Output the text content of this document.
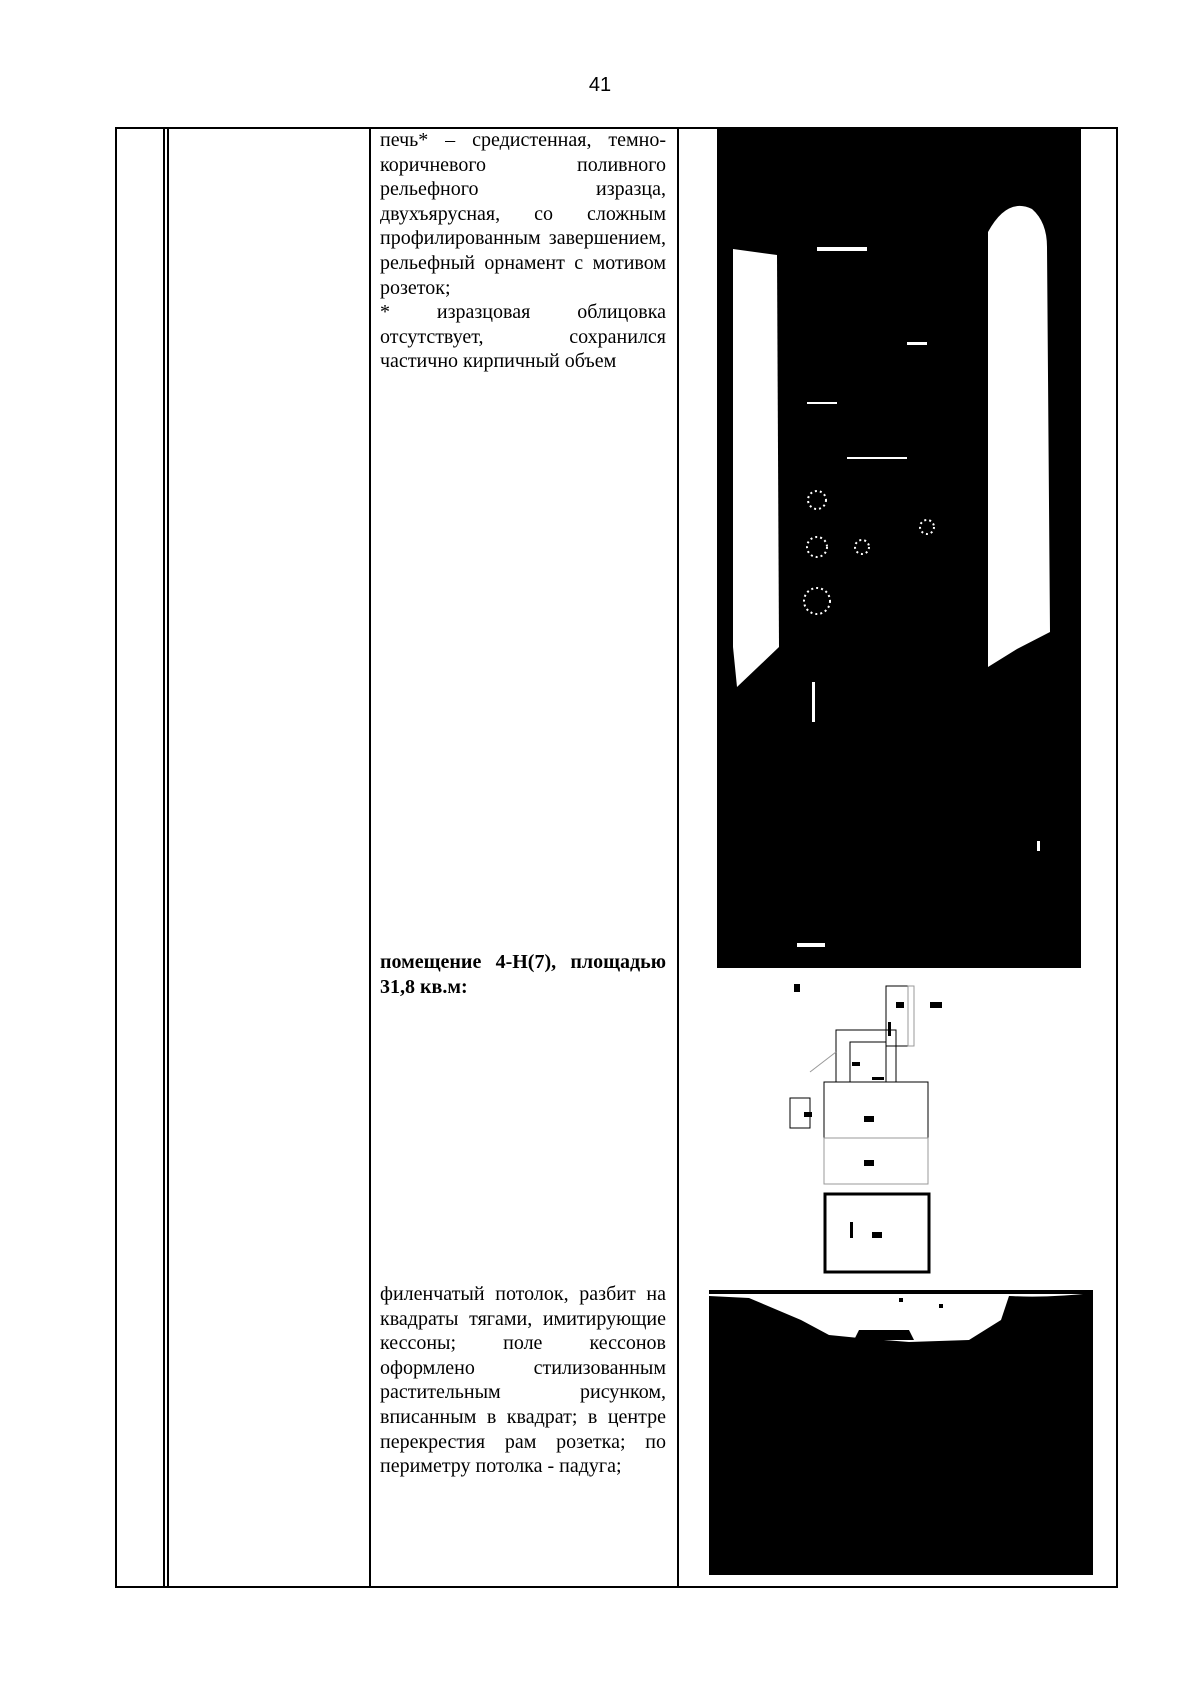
41

печь* – средистенная, темно-коричневого поливного рельефного изразца, двухъярусная, со сложным профилированным завершением, рельефный орнамент с мотивом розеток;

* изразцовая облицовка отсутствует, сохранился частично кирпичный объем

помещение 4-Н(7), площадью 31,8 кв.м:
филенчатый потолок, разбит на квадраты тягами, имитирующие кессоны; поле кессонов оформлено стилизованным растительным рисунком, вписанным в квадрат; в центре перекрестия рам розетка; по периметру потолка - падуга;
